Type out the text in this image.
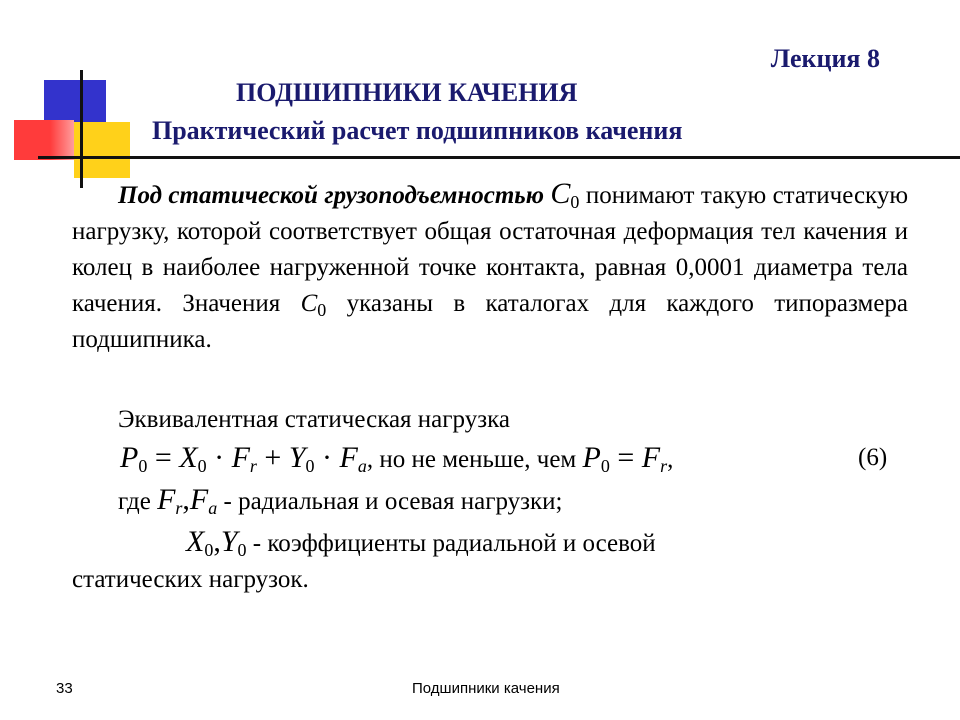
Лекция 8
ПОДШИПНИКИ КАЧЕНИЯ
Практический расчет подшипников качения
Под статической грузоподъемностью $C_0$ понимают такую статическую нагрузку, которой соответствует общая остаточная деформация тел качения и колец в наиболее нагруженной точке контакта, равная 0,0001 диаметра тела качения. Значения $C_0$ указаны в каталогах для каждого типоразмера подшипника.
Эквивалентная статическая нагрузка
$P_0 = X_0 \cdot F_r + Y_0 \cdot F_a$, но не меньше, чем $P_0 = F_r$,	(6)
где $F_r,F_a$ - радиальная и осевая нагрузки;
$X_0,Y_0$ - коэффициенты радиальной и осевой
статических нагрузок.
33	Подшипники качения
